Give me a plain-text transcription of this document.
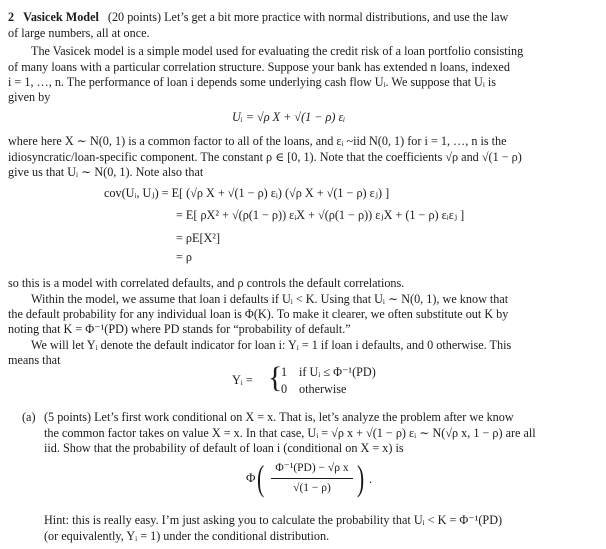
2 Vasicek Model (20 points) Let’s get a bit more practice with normal distributions, and use the law
of large numbers, all at once.
The Vasicek model is a simple model used for evaluating the credit risk of a loan portfolio consisting
of many loans with a particular correlation structure. Suppose your bank has extended n loans, indexed
i = 1, …, n. The performance of loan i depends some underlying cash flow Uᵢ. We suppose that Uᵢ is
given by
Uᵢ = √ρ X + √(1 − ρ) εᵢ
where here X ∼ N(0, 1) is a common factor to all of the loans, and εᵢ ~iid N(0, 1) for i = 1, …, n is the
idiosyncratic/loan-specific component. The constant ρ ∈ [0, 1). Note that the coefficients √ρ and √(1 − ρ)
give us that Uᵢ ∼ N(0, 1). Note also that
cov(Uᵢ, Uⱼ) = E[ (√ρ X + √(1 − ρ) εᵢ) (√ρ X + √(1 − ρ) εⱼ) ]
= E[ ρX² + √(ρ(1 − ρ)) εᵢX + √(ρ(1 − ρ)) εⱼX + (1 − ρ) εᵢεⱼ ]
= ρE[X²]
= ρ
so this is a model with correlated defaults, and ρ controls the default correlations.
Within the model, we assume that loan i defaults if Uᵢ < K. Using that Uᵢ ∼ N(0, 1), we know that
the default probability for any individual loan is Φ(K). To make it clearer, we often substitute out K by
noting that K = Φ⁻¹(PD) where PD stands for “probability of default.”
We will let Yᵢ denote the default indicator for loan i: Yᵢ = 1 if loan i defaults, and 0 otherwise. This
means that
Yᵢ = {
1 if Uᵢ ≤ Φ⁻¹(PD)
0 otherwise
(a) (5 points) Let’s first work conditional on X = x. That is, let’s analyze the problem after we know
the common factor takes on value X = x. In that case, Uᵢ = √ρ x + √(1 − ρ) εᵢ ∼ N(√ρ x, 1 − ρ) are all
iid. Show that the probability of default of loan i (conditional on X = x) is
Φ ( Φ⁻¹(PD) − √ρ x
√(1 − ρ) ) .
Hint: this is really easy. I’m just asking you to calculate the probability that Uᵢ < K = Φ⁻¹(PD)
(or equivalently, Yᵢ = 1) under the conditional distribution.
